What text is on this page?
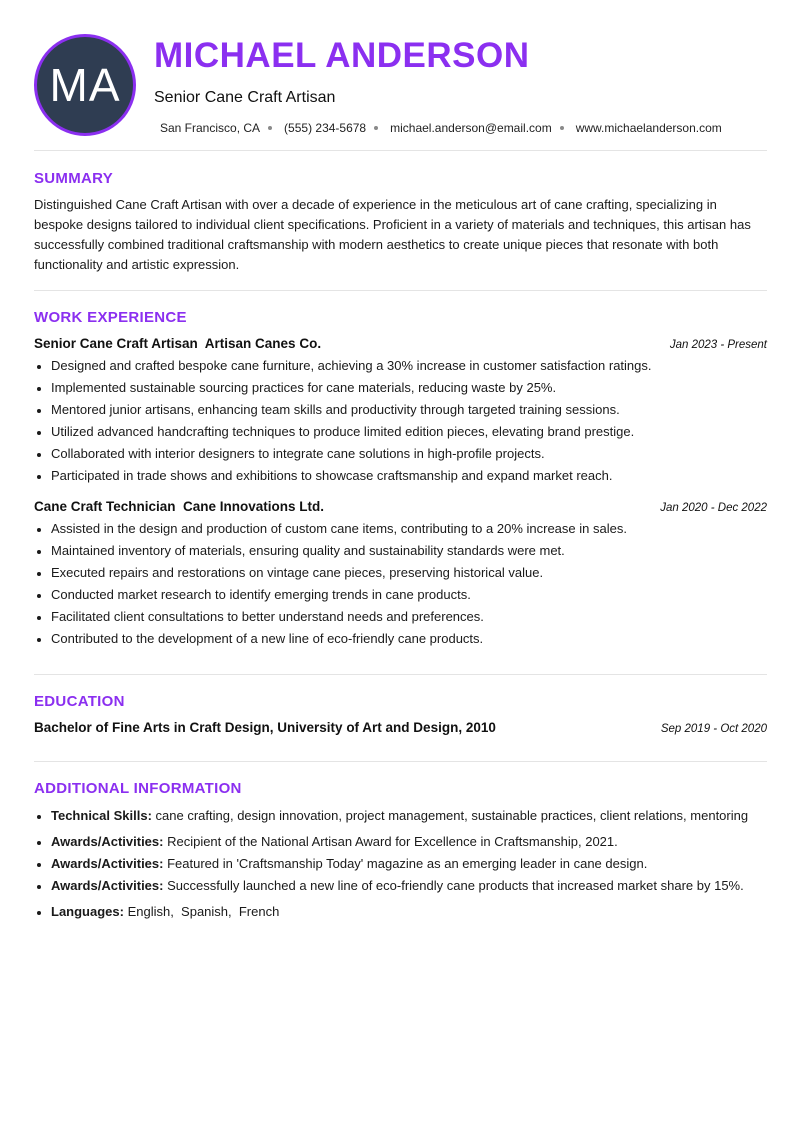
MA
MICHAEL ANDERSON
Senior Cane Craft Artisan
San Francisco, CA (555) 234-5678 michael.anderson@email.com www.michaelanderson.com
SUMMARY

Distinguished Cane Craft Artisan with over a decade of experience in the meticulous art of cane crafting, specializing in bespoke designs tailored to individual client specifications. Proficient in a variety of materials and techniques, this artisan has successfully combined traditional craftsmanship with modern aesthetics to create unique pieces that resonate with both functionality and artistic expression.

WORK EXPERIENCE
Senior Cane Craft Artisan  Artisan Canes Co.	Jan 2023 - Present
• Designed and crafted bespoke cane furniture, achieving a 30% increase in customer satisfaction ratings.
• Implemented sustainable sourcing practices for cane materials, reducing waste by 25%.
• Mentored junior artisans, enhancing team skills and productivity through targeted training sessions.
• Utilized advanced handcrafting techniques to produce limited edition pieces, elevating brand prestige.
• Collaborated with interior designers to integrate cane solutions in high-profile projects.
• Participated in trade shows and exhibitions to showcase craftsmanship and expand market reach.
Cane Craft Technician  Cane Innovations Ltd.	Jan 2020 - Dec 2022
• Assisted in the design and production of custom cane items, contributing to a 20% increase in sales.
• Maintained inventory of materials, ensuring quality and sustainability standards were met.
• Executed repairs and restorations on vintage cane pieces, preserving historical value.
• Conducted market research to identify emerging trends in cane products.
• Facilitated client consultations to better understand needs and preferences.
• Contributed to the development of a new line of eco-friendly cane products.
EDUCATION
Bachelor of Fine Arts in Craft Design, University of Art and Design, 2010	Sep 2019 - Oct 2020
ADDITIONAL INFORMATION
• Technical Skills: cane crafting, design innovation, project management, sustainable practices, client relations, mentoring
• Awards/Activities: Recipient of the National Artisan Award for Excellence in Craftsmanship, 2021.
• Awards/Activities: Featured in 'Craftsmanship Today' magazine as an emerging leader in cane design.
• Awards/Activities: Successfully launched a new line of eco-friendly cane products that increased market share by 15%.
• Languages: English,  Spanish,  French
